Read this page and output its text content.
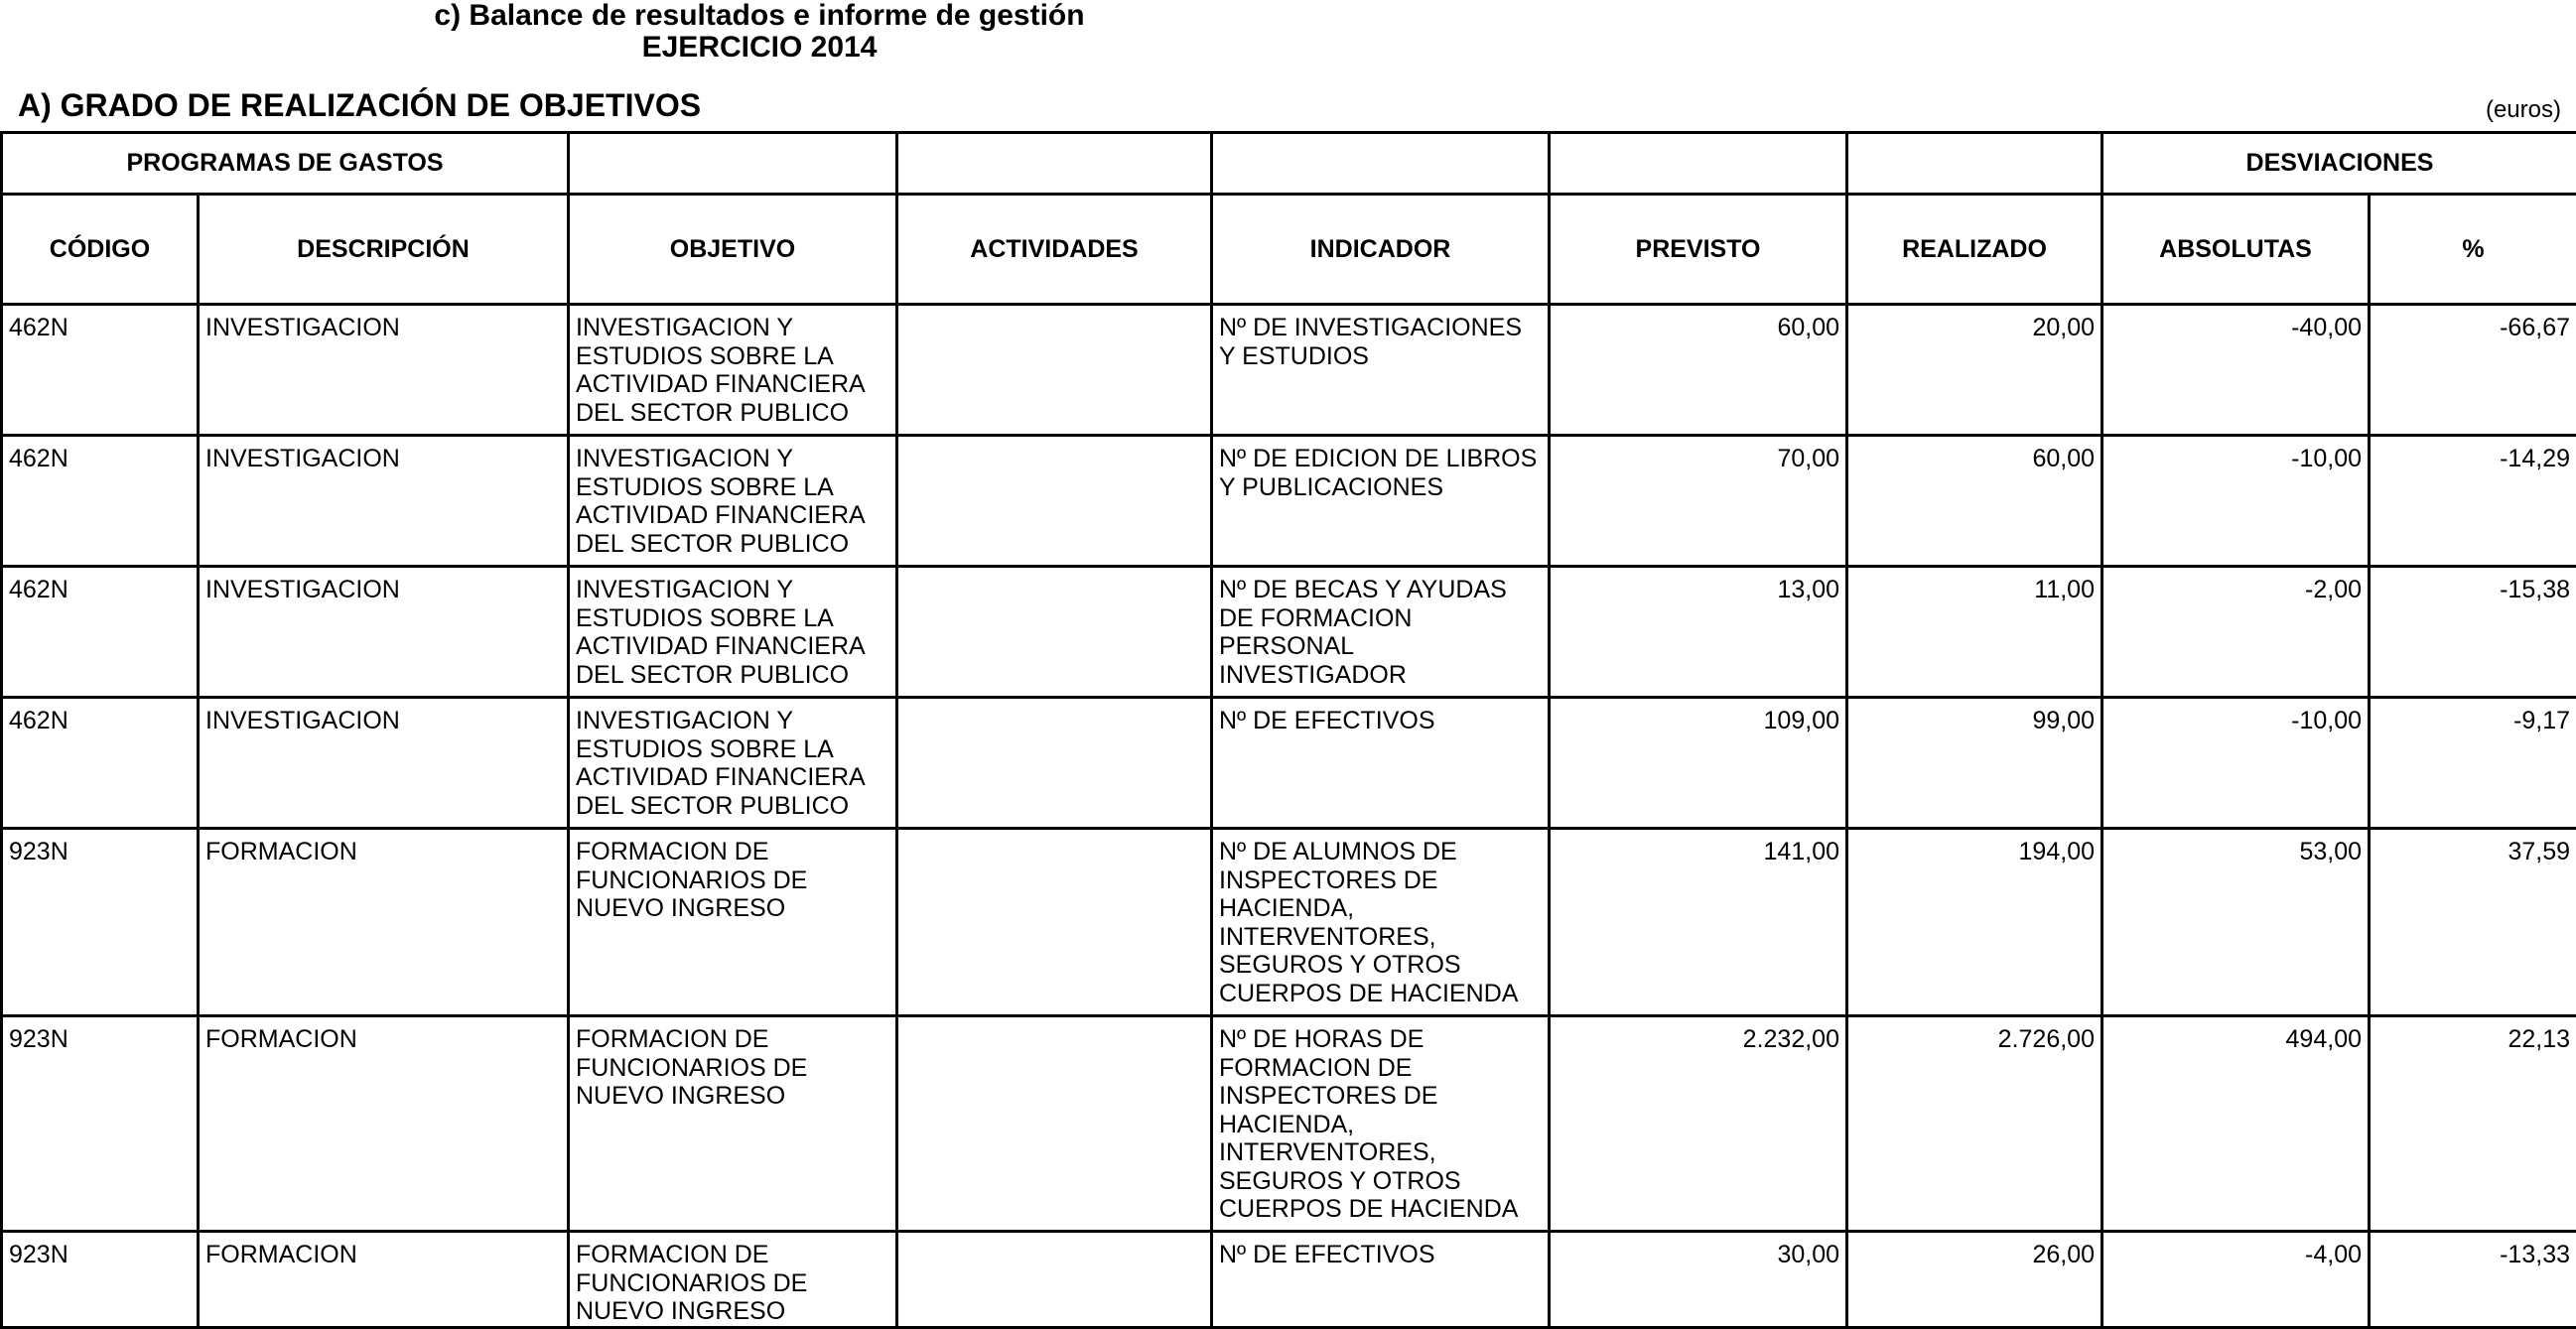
c) Balance de resultados e informe de gestión
EJERCICIO 2014
A) GRADO DE REALIZACIÓN DE OBJETIVOS	(euros)
PROGRAMAS DE GASTOS							DESVIACIONES	
CÓDIGO	DESCRIPCIÓN	OBJETIVO	ACTIVIDADES	INDICADOR	PREVISTO	REALIZADO	ABSOLUTAS	%
462N	INVESTIGACION	INVESTIGACION Y ESTUDIOS SOBRE LA ACTIVIDAD FINANCIERA DEL SECTOR PUBLICO		Nº DE INVESTIGACIONES Y ESTUDIOS	60,00	20,00	-40,00	-66,67
462N	INVESTIGACION	INVESTIGACION Y ESTUDIOS SOBRE LA ACTIVIDAD FINANCIERA DEL SECTOR PUBLICO		Nº DE EDICION DE LIBROS Y PUBLICACIONES	70,00	60,00	-10,00	-14,29
462N	INVESTIGACION	INVESTIGACION Y ESTUDIOS SOBRE LA ACTIVIDAD FINANCIERA DEL SECTOR PUBLICO		Nº DE BECAS Y AYUDAS DE FORMACION PERSONAL INVESTIGADOR	13,00	11,00	-2,00	-15,38
462N	INVESTIGACION	INVESTIGACION Y ESTUDIOS SOBRE LA ACTIVIDAD FINANCIERA DEL SECTOR PUBLICO		Nº DE EFECTIVOS	109,00	99,00	-10,00	-9,17
923N	FORMACION	FORMACION DE FUNCIONARIOS DE NUEVO INGRESO		Nº DE ALUMNOS DE INSPECTORES DE HACIENDA, INTERVENTORES, SEGUROS Y OTROS CUERPOS DE HACIENDA	141,00	194,00	53,00	37,59
923N	FORMACION	FORMACION DE FUNCIONARIOS DE NUEVO INGRESO		Nº DE HORAS DE FORMACION DE INSPECTORES DE HACIENDA, INTERVENTORES, SEGUROS Y OTROS CUERPOS DE HACIENDA	2.232,00	2.726,00	494,00	22,13
923N	FORMACION	FORMACION DE FUNCIONARIOS DE NUEVO INGRESO		Nº DE EFECTIVOS	30,00	26,00	-4,00	-13,33
